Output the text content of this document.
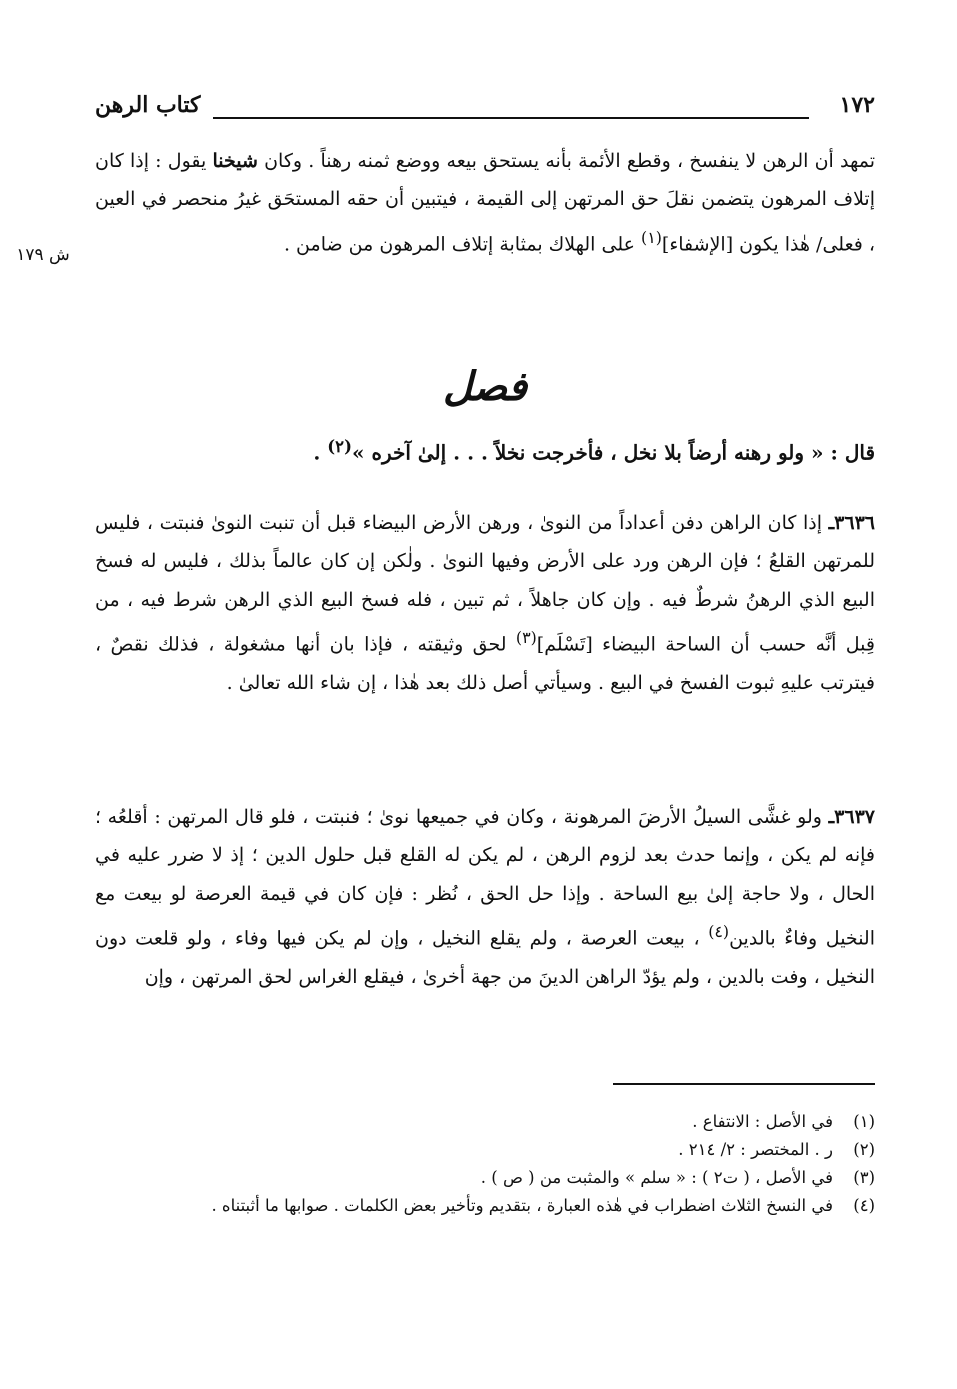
١٧٢
كتاب الرهن
ش ١٧٩

تمهد أن الرهن لا ينفسخ ، وقطع الأئمة بأنه يستحق بيعه ووضع ثمنه رهناً . وكان شيخنا يقول : إذا كان إتلاف المرهون يتضمن نقلَ حق المرتهن إلى القيمة ، فيتبين أن حقه المستحَق غيرُ منحصر في العين ، فعلى/ هٰذا يكون [الإشفاء]$^{(١)}$ على الهلاك بمثابة إتلاف المرهون من ضامن .

فصل

قال : « ولو رهنه أرضاً بلا نخل ، فأخرجت نخلاً . . . إلىٰ آخره »$^{(٢)}$ .

٣٦٣٦ـ إذا كان الراهن دفن أعداداً من النوىٰ ، ورهن الأرض البيضاء قبل أن تنبت النوىٰ فنبتت ، فليس للمرتهن القلعُ ؛ فإن الرهن ورد على الأرض وفيها النوىٰ . ولٰكن إن كان عالماً بذلك ، فليس له فسخ البيع الذي الرهنُ شرطٌ فيه . وإن كان جاهلاً ، ثم تبين ، فله فسخ البيع الذي الرهن شرط فيه ، من قِبل أنَّه حسب أن الساحة البيضاء [تَسْلَم]$^{(٣)}$ لحق وثيقته ، فإذا بان أنها مشغولة ، فذلك نقصٌ ، فيترتب عليهِ ثبوت الفسخ في البيع . وسيأتي أصل ذلك بعد هٰذا ، إن شاء الله تعالىٰ .

٣٦٣٧ـ ولو غشَّى السيلُ الأرضَ المرهونة ، وكان في جميعها نوىٰ ؛ فنبتت ، فلو قال المرتهن : أقلعُه ؛ فإنه لم يكن ، وإنما حدث بعد لزوم الرهن ، لم يكن له القلع قبل حلول الدين ؛ إذ لا ضرر عليه في الحال ، ولا حاجة إلىٰ بيع الساحة . وإذا حل الحق ، نُظر : فإن كان في قيمة العرصة لو بيعت مع النخيل وفاءٌ بالدين$^{(٤)}$ ، بيعت العرصة ، ولم يقلع النخيل ، وإن لم يكن فيها وفاء ، ولو قلعت دون النخيل ، وفت بالدين ، ولم يؤدّ الراهن الدينَ من جهة أخرىٰ ، فيقلع الغراس لحق المرتهن ، وإن

(١)
في الأصل : الانتفاع .

(٢)
ر . المختصر : ٢/ ٢١٤ .

(٣)
في الأصل ، ( ت٢ ) : « سلم » والمثبت من ( ص ) .

(٤)
في النسخ الثلاث اضطراب في هٰذه العبارة ، بتقديم وتأخير بعض الكلمات . صوابها ما أثبتناه .
